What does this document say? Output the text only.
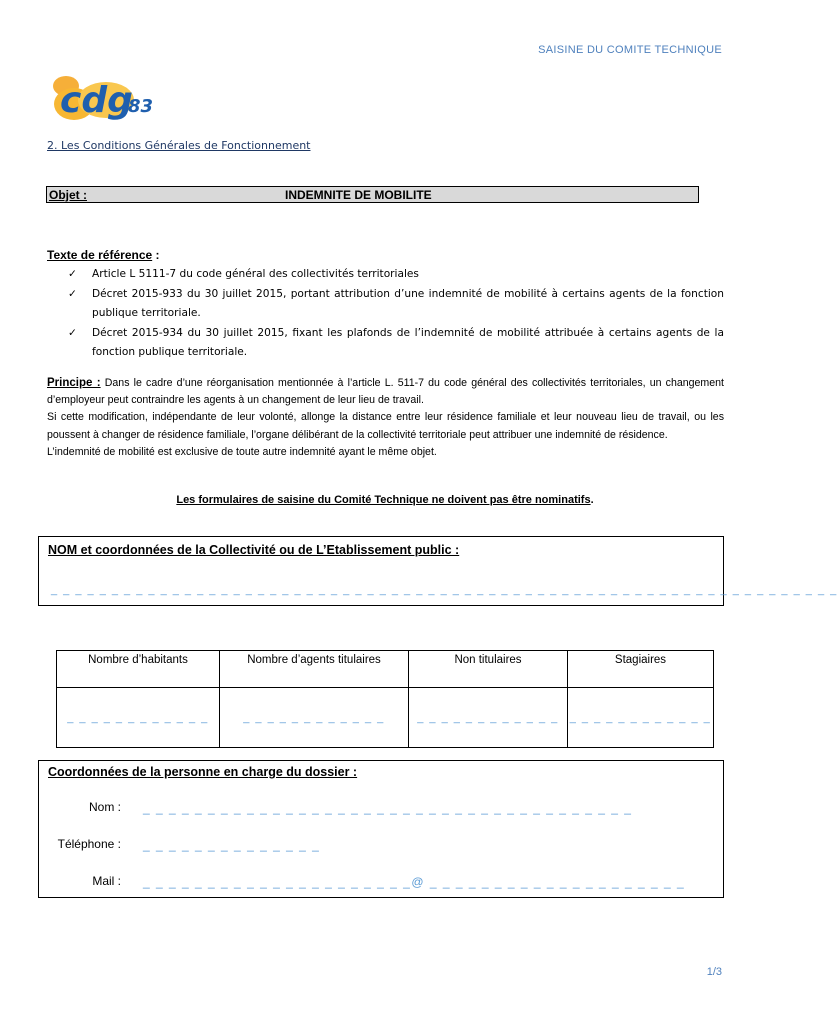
SAISINE DU COMITE TECHNIQUE
cdg
83
2. Les Conditions Générales de Fonctionnement
Objet :	INDEMNITE DE MOBILITE
Texte de référence :
✓ Article L 5111-7 du code général des collectivités territoriales
✓ Décret 2015-933 du 30 juillet 2015, portant attribution d’une indemnité de mobilité à certains agents de la fonction publique territoriale.
✓ Décret 2015-934 du 30 juillet 2015, fixant les plafonds de l’indemnité de mobilité attribuée à certains agents de la fonction publique territoriale.
Principe : Dans le cadre d’une réorganisation mentionnée à l’article L. 511-7 du code général des collectivités territoriales, un changement d’employeur peut contraindre les agents à un changement de leur lieu de travail.
Si cette modification, indépendante de leur volonté, allonge la distance entre leur résidence familiale et leur nouveau lieu de travail, ou les poussent à changer de résidence familiale, l’organe délibérant de la collectivité territoriale peut attribuer une indemnité de résidence.
L’indemnité de mobilité est exclusive de toute autre indemnité ayant le même objet.
Les formulaires de saisine du Comité Technique ne doivent pas être nominatifs.
NOM et coordonnées de la Collectivité ou de L’Etablissement public :
_ _ _ _ _ _ _ _ _ _ _ _ _ _ _ _ _ _ _ _ _ _ _ _ _ _ _ _ _ _ _ _ _ _ _ _ _ _ _ _ _ _ _ _ _ _ _ _ _ _ _ _ _ _ _ _ _ _ _ _ _ _ _ _ _
Nombre d’habitants	Nombre d’agents titulaires	Non titulaires	Stagiaires
_ _ _ _ _ _ _ _ _ _ _ _	_ _ _ _ _ _ _ _ _ _ _ _	_ _ _ _ _ _ _ _ _ _ _ _	_ _ _ _ _ _ _ _ _ _ _ _
Coordonnées de la personne en charge du dossier :
Nom : _ _ _ _ _ _ _ _ _ _ _ _ _ _ _ _ _ _ _ _ _ _ _ _ _ _ _ _ _ _ _ _ _ _ _ _ _ _
Téléphone : _ _ _ _ _ _ _ _ _ _ _ _ _ _
Mail : _ _ _ _ _ _ _ _ _ _ _ _ _ _ _ _ _ _ _ _ _@ _ _ _ _ _ _ _ _ _ _ _ _ _ _ _ _ _ _ _ _
1/3
